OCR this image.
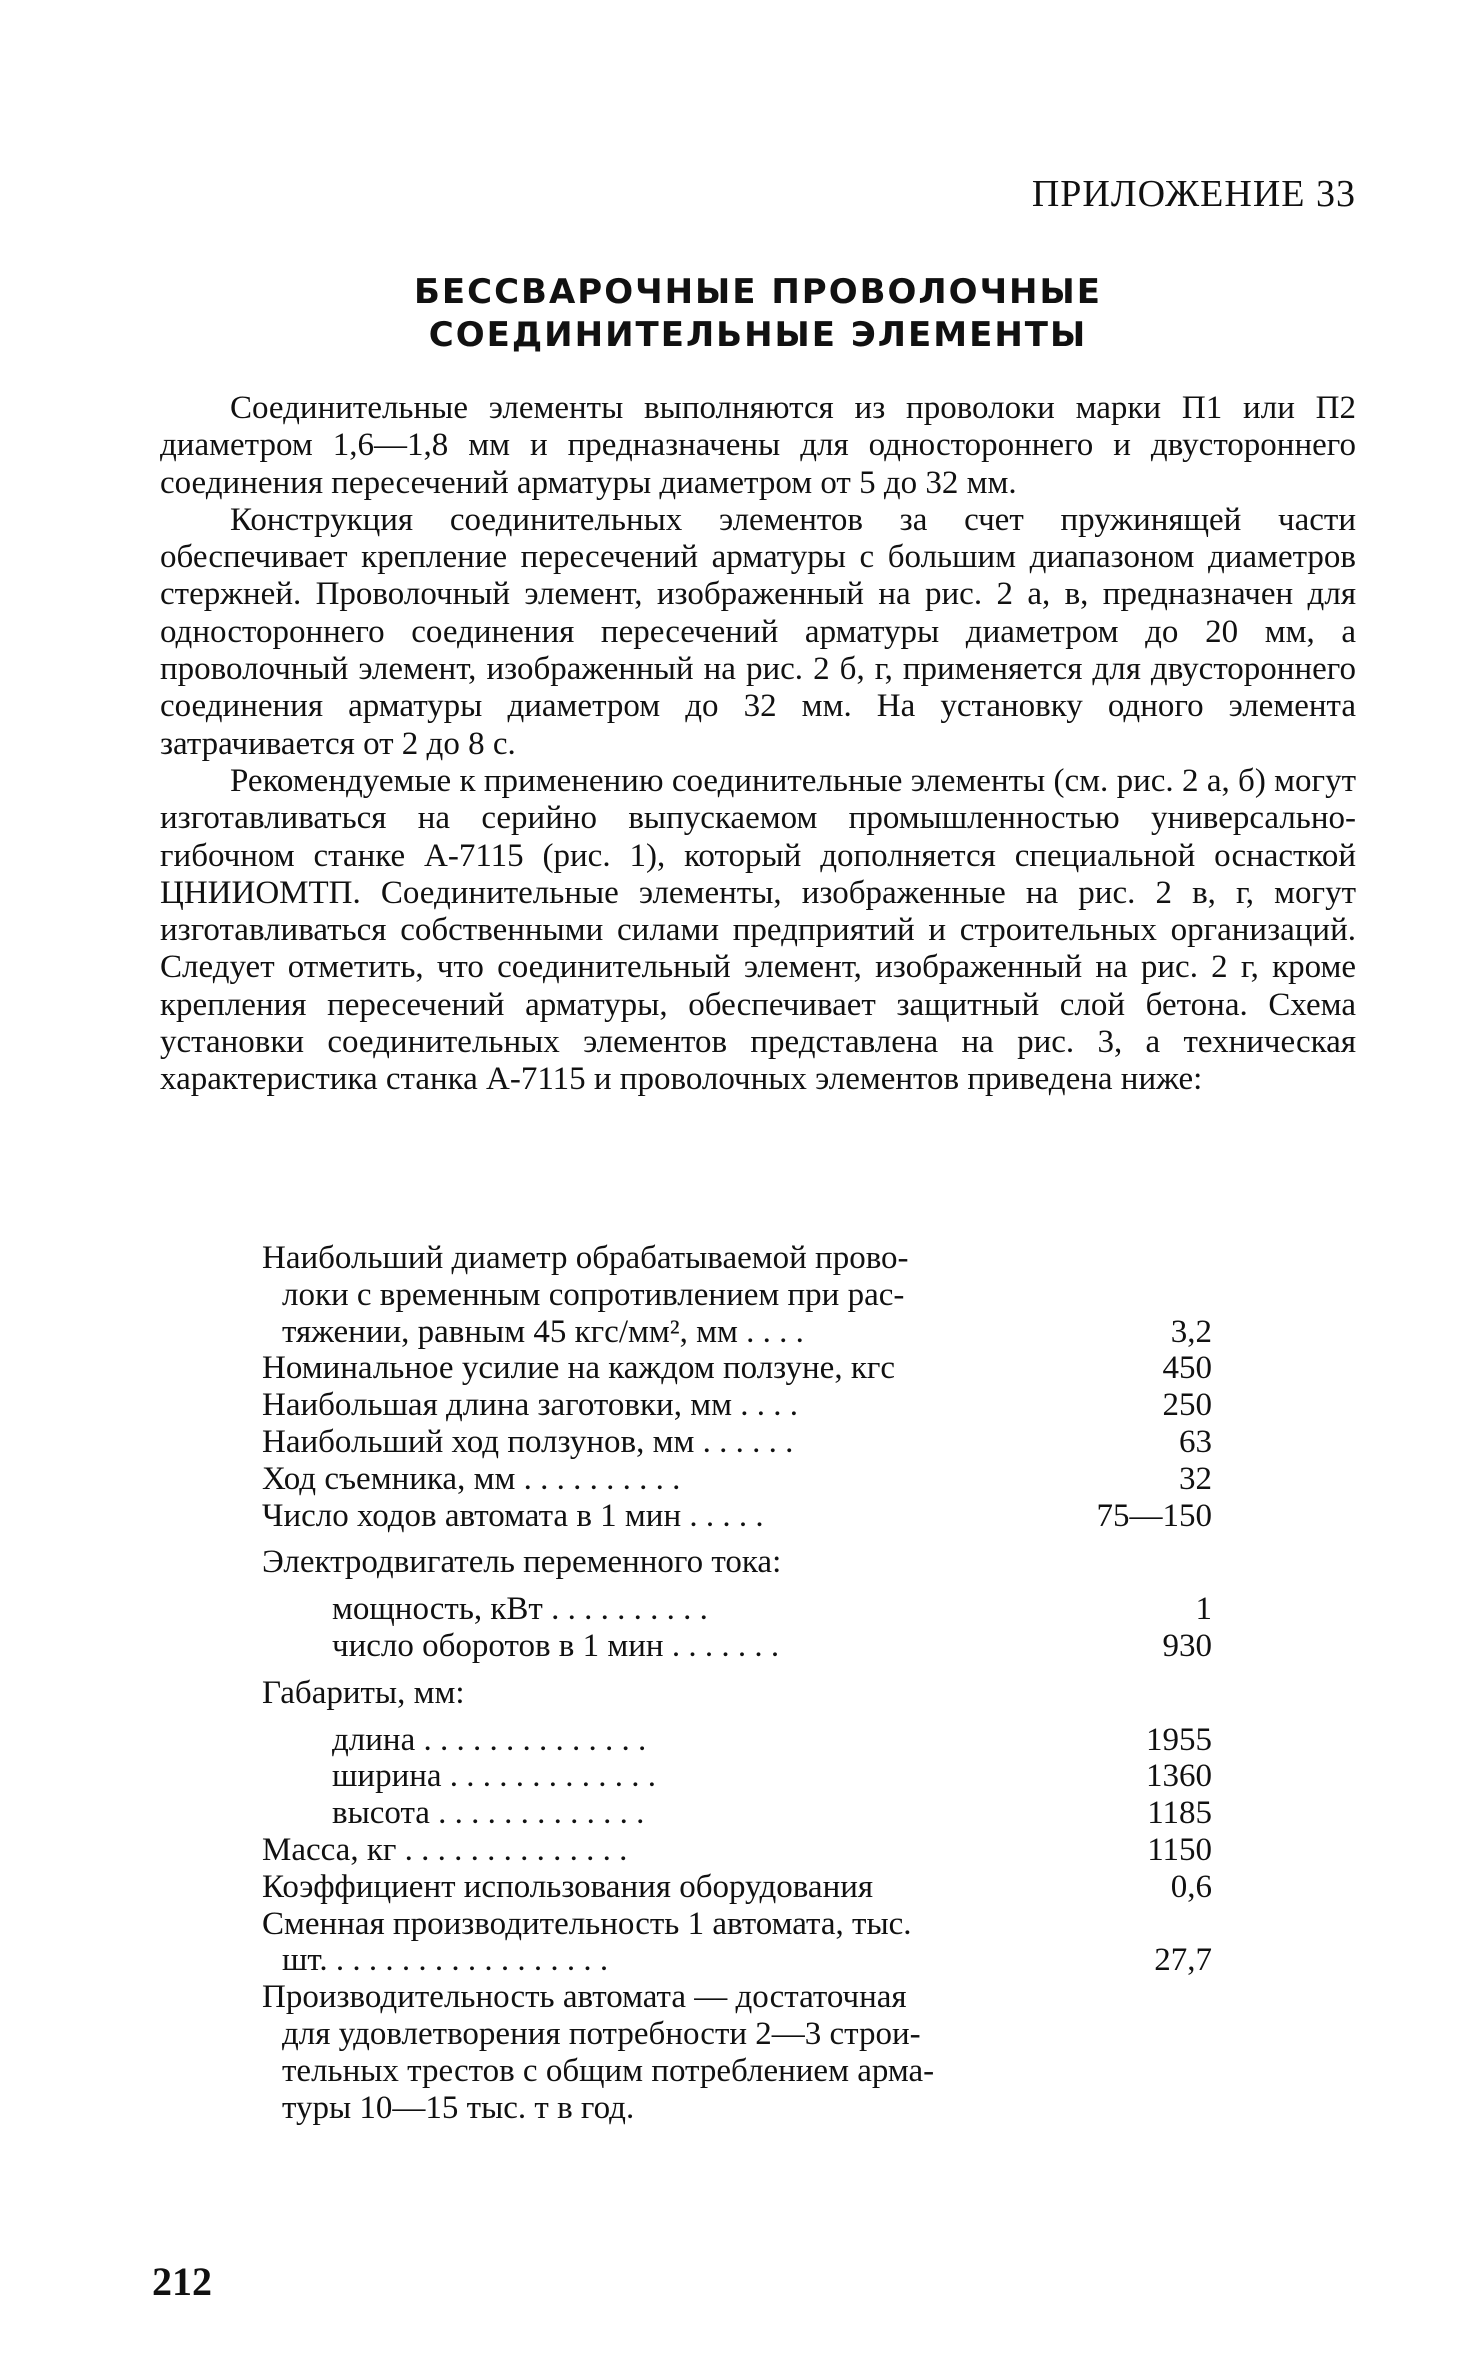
ПРИЛОЖЕНИЕ 33
БЕССВАРОЧНЫЕ ПРОВОЛОЧНЫЕ
СОЕДИНИТЕЛЬНЫЕ ЭЛЕМЕНТЫ

Соединительные элементы выполняются из проволоки марки П1 или П2 диаметром 1,6—1,8 мм и предназначены для одностороннего и двустороннего соединения пересечений арматуры диаметром от 5 до 32 мм.

Конструкция соединительных элементов за счет пружинящей части обеспечивает крепление пересечений арматуры с большим диапазоном диаметров стержней. Проволочный элемент, изображенный на рис. 2 а, в, предназначен для одностороннего соединения пересечений арматуры диаметром до 20 мм, а проволочный элемент, изображенный на рис. 2 б, г, применяется для двустороннего соединения арматуры диаметром до 32 мм. На установку одного элемента затрачивается от 2 до 8 с.

Рекомендуемые к применению соединительные элементы (см. рис. 2 а, б) могут изготавливаться на серийно выпускаемом промышленностью универсально-гибочном станке А-7115 (рис. 1), который дополняется специальной оснасткой ЦНИИОМТП. Соединительные элементы, изображенные на рис. 2 в, г, могут изготавливаться собственными силами предприятий и строительных организаций. Следует отметить, что соединительный элемент, изображенный на рис. 2 г, кроме крепления пересечений арматуры, обеспечивает защитный слой бетона. Схема установки соединительных элементов представлена на рис. 3, а техническая характеристика станка А-7115 и проволочных элементов приведена ниже:

Наибольший диаметр обрабатываемой прово-
локи с временным сопротивлением при рас-
тяжении, равным 45 кгс/мм², мм . . . .	3,2
Номинальное усилие на каждом ползуне, кгс	450
Наибольшая длина заготовки, мм . . . .	250
Наибольший ход ползунов, мм . . . . . .	63
Ход съемника, мм . . . . . . . . . .	32
Число ходов автомата в 1 мин . . . . .	75—150
Электродвигатель переменного тока:
мощность, кВт . . . . . . . . . .	1
число оборотов в 1 мин . . . . . . .	930
Габариты, мм:
длина . . . . . . . . . . . . . .	1955
ширина . . . . . . . . . . . . .	1360
высота . . . . . . . . . . . . .	1185
Масса, кг . . . . . . . . . . . . . .	1150
Коэффициент использования оборудования	0,6
Сменная производительность 1 автомата, тыс.
шт. . . . . . . . . . . . . . . . . .	27,7
Производительность автомата — достаточная
для удовлетворения потребности 2—3 строи-
тельных трестов с общим потреблением арма-
туры 10—15 тыс. т в год.
212
